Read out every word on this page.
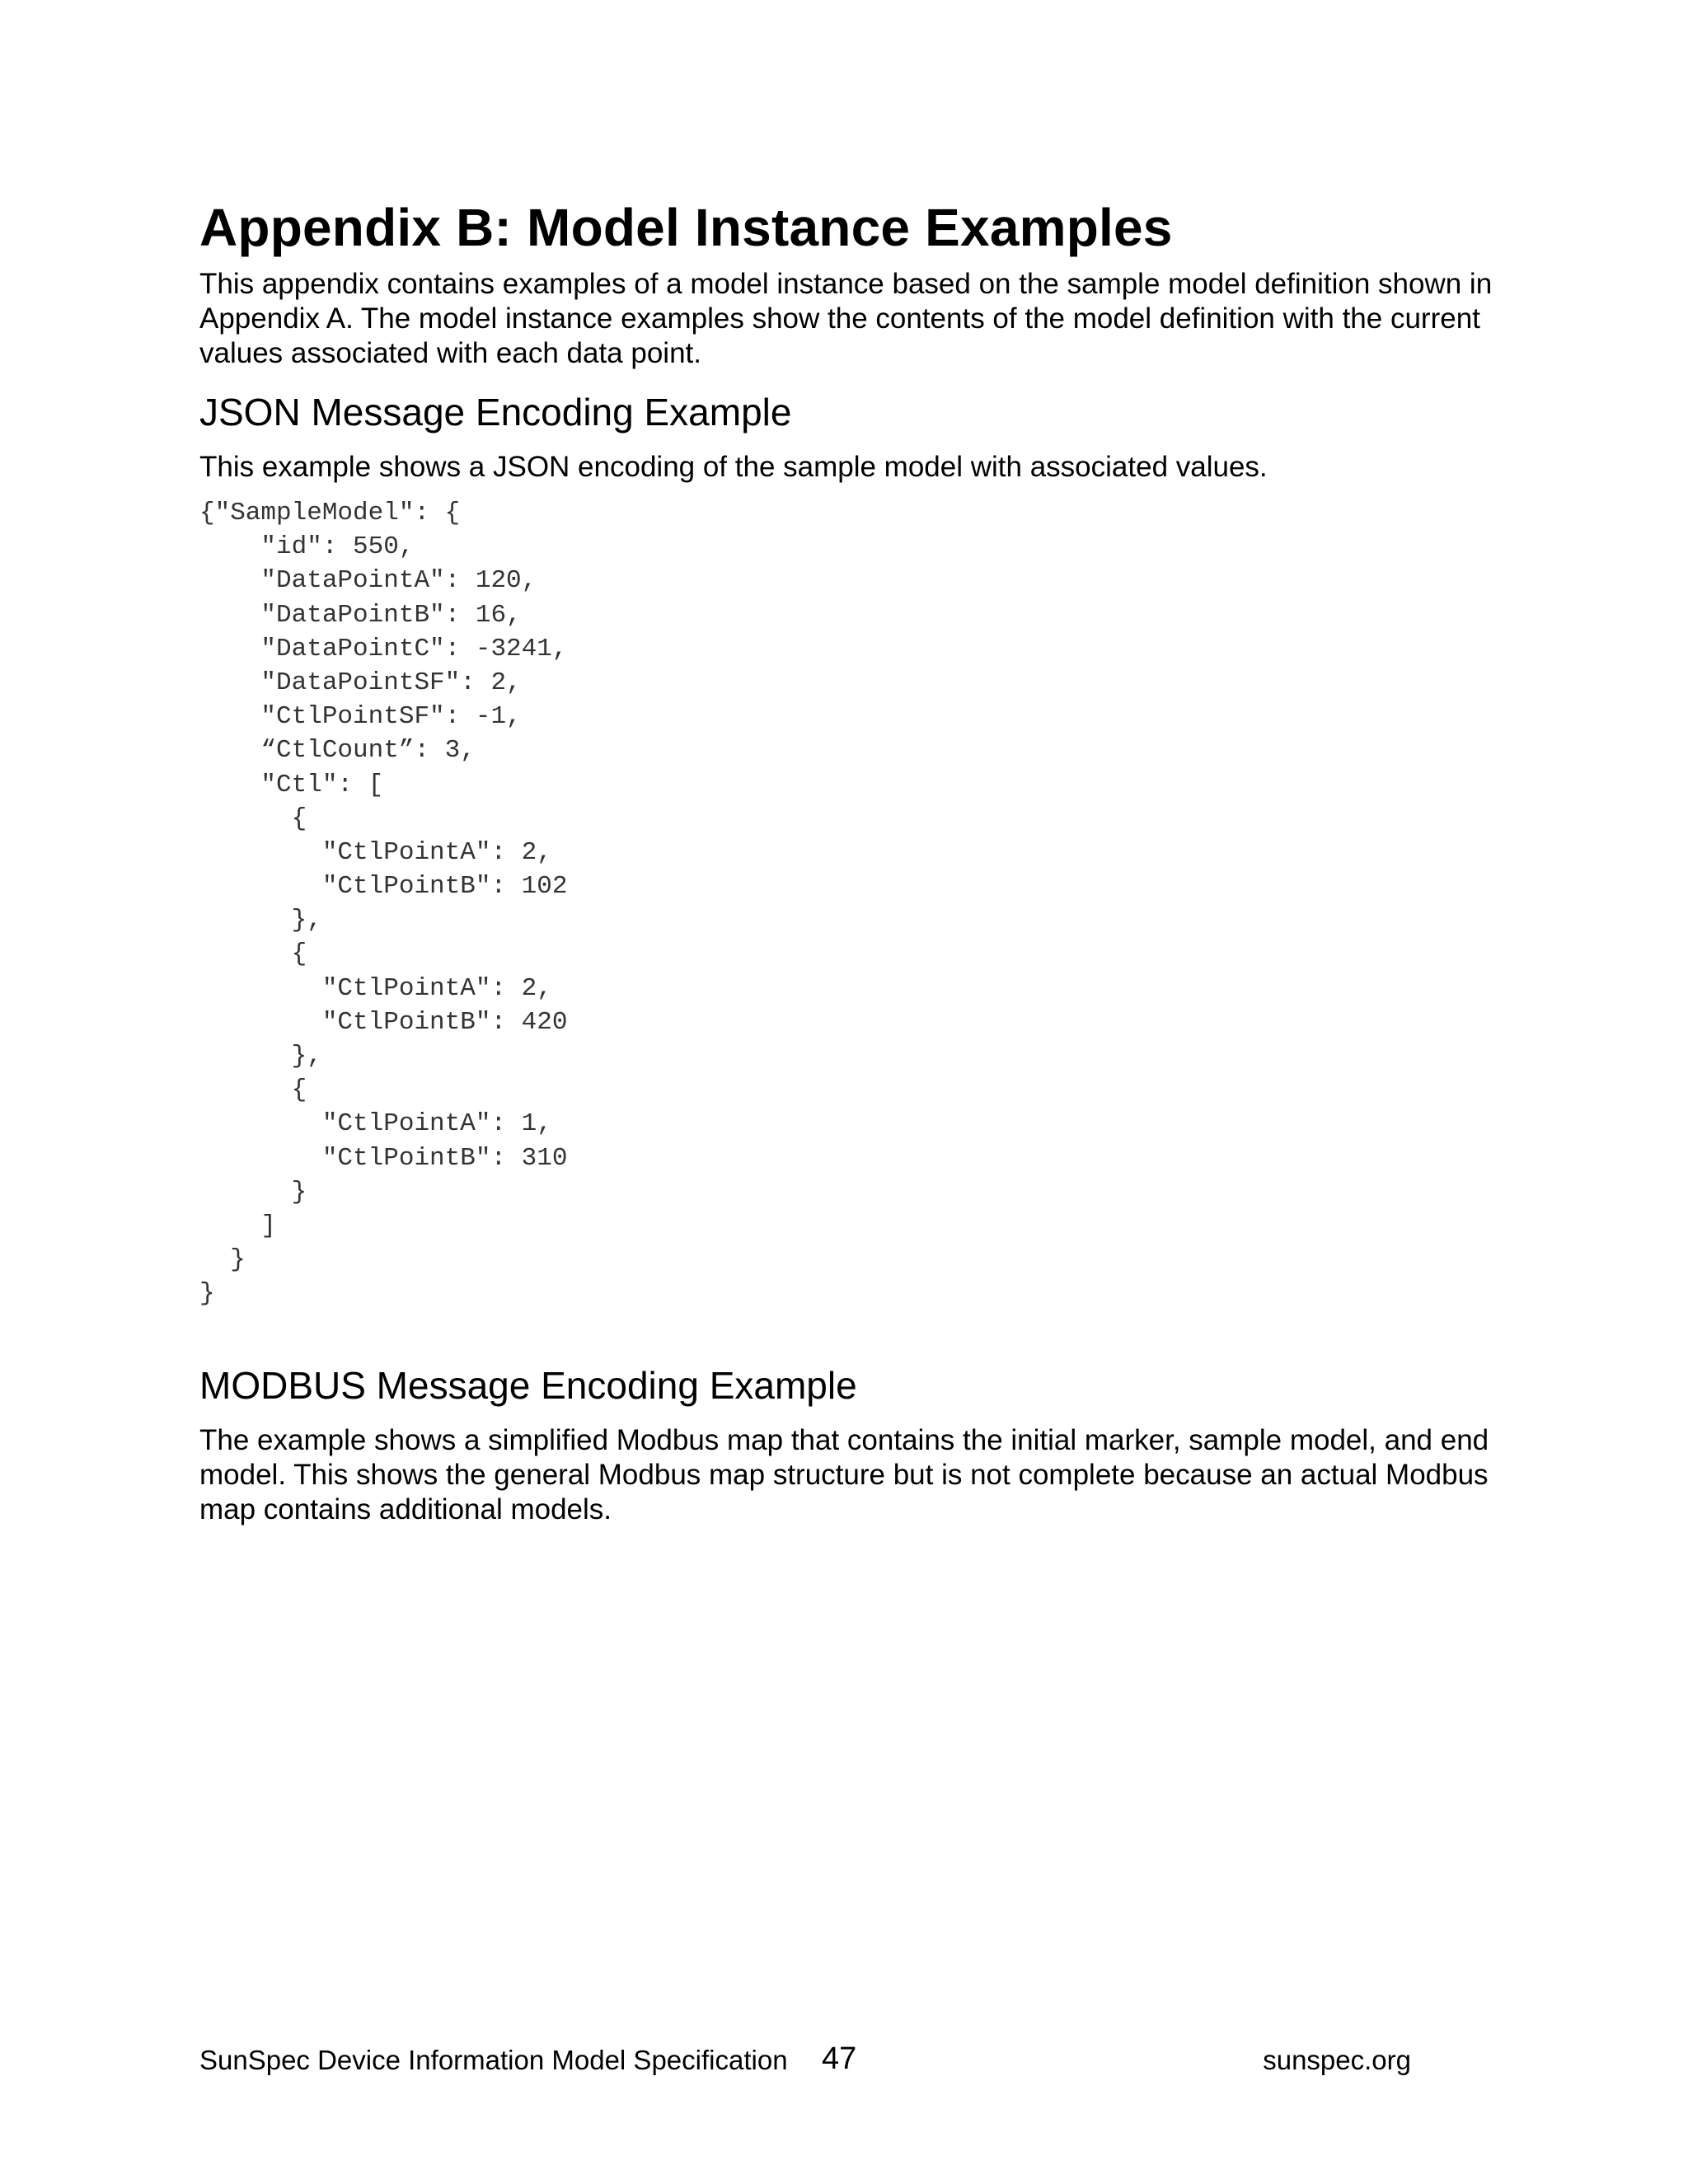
Appendix B: Model Instance Examples

This appendix contains examples of a model instance based on the sample model definition shown in Appendix A. The model instance examples show the contents of the model definition with the current values associated with each data point.

JSON Message Encoding Example

This example shows a JSON encoding of the sample model with associated values.

{"SampleModel": {
"id": 550,
"DataPointA": 120,
"DataPointB": 16,
"DataPointC": -3241,
"DataPointSF": 2,
"CtlPointSF": -1,
“CtlCount”: 3,
"Ctl": [
{
"CtlPointA": 2,
"CtlPointB": 102
},
{
"CtlPointA": 2,
"CtlPointB": 420
},
{
"CtlPointA": 1,
"CtlPointB": 310
}
]
}
}
MODBUS Message Encoding Example

The example shows a simplified Modbus map that contains the initial marker, sample model, and end model. This shows the general Modbus map structure but is not complete because an actual Modbus map contains additional models.

SunSpec Device Information Model Specification 47	sunspec.org
